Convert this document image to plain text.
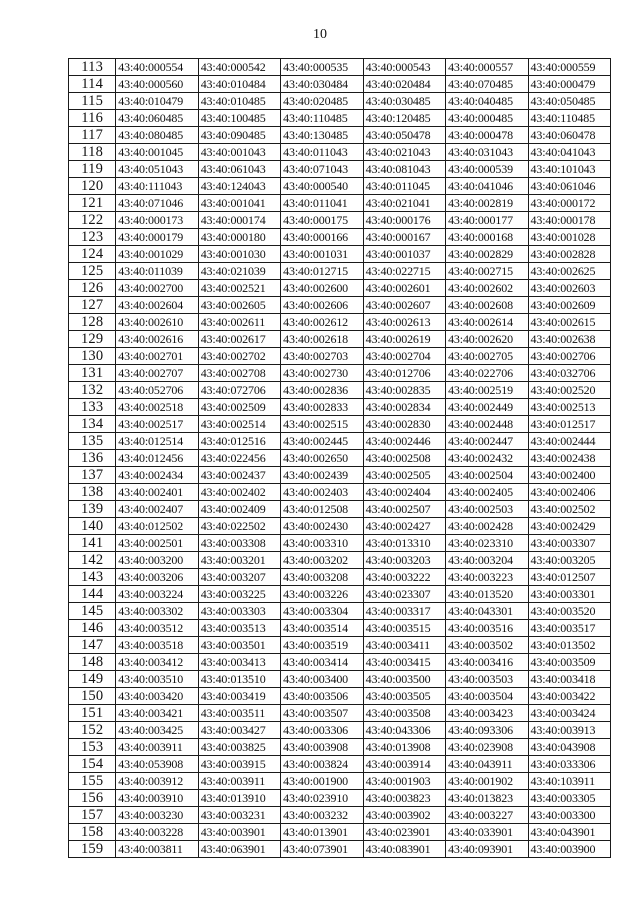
10
113	43:40:000554	43:40:000542	43:40:000535	43:40:000543	43:40:000557	43:40:000559
114	43:40:000560	43:40:010484	43:40:030484	43:40:020484	43:40:070485	43:40:000479
115	43:40:010479	43:40:010485	43:40:020485	43:40:030485	43:40:040485	43:40:050485
116	43:40:060485	43:40:100485	43:40:110485	43:40:120485	43:40:000485	43:40:110485
117	43:40:080485	43:40:090485	43:40:130485	43:40:050478	43:40:000478	43:40:060478
118	43:40:001045	43:40:001043	43:40:011043	43:40:021043	43:40:031043	43:40:041043
119	43:40:051043	43:40:061043	43:40:071043	43:40:081043	43:40:000539	43:40:101043
120	43:40:111043	43:40:124043	43:40:000540	43:40:011045	43:40:041046	43:40:061046
121	43:40:071046	43:40:001041	43:40:011041	43:40:021041	43:40:002819	43:40:000172
122	43:40:000173	43:40:000174	43:40:000175	43:40:000176	43:40:000177	43:40:000178
123	43:40:000179	43:40:000180	43:40:000166	43:40:000167	43:40:000168	43:40:001028
124	43:40:001029	43:40:001030	43:40:001031	43:40:001037	43:40:002829	43:40:002828
125	43:40:011039	43:40:021039	43:40:012715	43:40:022715	43:40:002715	43:40:002625
126	43:40:002700	43:40:002521	43:40:002600	43:40:002601	43:40:002602	43:40:002603
127	43:40:002604	43:40:002605	43:40:002606	43:40:002607	43:40:002608	43:40:002609
128	43:40:002610	43:40:002611	43:40:002612	43:40:002613	43:40:002614	43:40:002615
129	43:40:002616	43:40:002617	43:40:002618	43:40:002619	43:40:002620	43:40:002638
130	43:40:002701	43:40:002702	43:40:002703	43:40:002704	43:40:002705	43:40:002706
131	43:40:002707	43:40:002708	43:40:002730	43:40:012706	43:40:022706	43:40:032706
132	43:40:052706	43:40:072706	43:40:002836	43:40:002835	43:40:002519	43:40:002520
133	43:40:002518	43:40:002509	43:40:002833	43:40:002834	43:40:002449	43:40:002513
134	43:40:002517	43:40:002514	43:40:002515	43:40:002830	43:40:002448	43:40:012517
135	43:40:012514	43:40:012516	43:40:002445	43:40:002446	43:40:002447	43:40:002444
136	43:40:012456	43:40:022456	43:40:002650	43:40:002508	43:40:002432	43:40:002438
137	43:40:002434	43:40:002437	43:40:002439	43:40:002505	43:40:002504	43:40:002400
138	43:40:002401	43:40:002402	43:40:002403	43:40:002404	43:40:002405	43:40:002406
139	43:40:002407	43:40:002409	43:40:012508	43:40:002507	43:40:002503	43:40:002502
140	43:40:012502	43:40:022502	43:40:002430	43:40:002427	43:40:002428	43:40:002429
141	43:40:002501	43:40:003308	43:40:003310	43:40:013310	43:40:023310	43:40:003307
142	43:40:003200	43:40:003201	43:40:003202	43:40:003203	43:40:003204	43:40:003205
143	43:40:003206	43:40:003207	43:40:003208	43:40:003222	43:40:003223	43:40:012507
144	43:40:003224	43:40:003225	43:40:003226	43:40:023307	43:40:013520	43:40:003301
145	43:40:003302	43:40:003303	43:40:003304	43:40:003317	43:40:043301	43:40:003520
146	43:40:003512	43:40:003513	43:40:003514	43:40:003515	43:40:003516	43:40:003517
147	43:40:003518	43:40:003501	43:40:003519	43:40:003411	43:40:003502	43:40:013502
148	43:40:003412	43:40:003413	43:40:003414	43:40:003415	43:40:003416	43:40:003509
149	43:40:003510	43:40:013510	43:40:003400	43:40:003500	43:40:003503	43:40:003418
150	43:40:003420	43:40:003419	43:40:003506	43:40:003505	43:40:003504	43:40:003422
151	43:40:003421	43:40:003511	43:40:003507	43:40:003508	43:40:003423	43:40:003424
152	43:40:003425	43:40:003427	43:40:003306	43:40:043306	43:40:093306	43:40:003913
153	43:40:003911	43:40:003825	43:40:003908	43:40:013908	43:40:023908	43:40:043908
154	43:40:053908	43:40:003915	43:40:003824	43:40:003914	43:40:043911	43:40:033306
155	43:40:003912	43:40:003911	43:40:001900	43:40:001903	43:40:001902	43:40:103911
156	43:40:003910	43:40:013910	43:40:023910	43:40:003823	43:40:013823	43:40:003305
157	43:40:003230	43:40:003231	43:40:003232	43:40:003902	43:40:003227	43:40:003300
158	43:40:003228	43:40:003901	43:40:013901	43:40:023901	43:40:033901	43:40:043901
159	43:40:003811	43:40:063901	43:40:073901	43:40:083901	43:40:093901	43:40:003900
